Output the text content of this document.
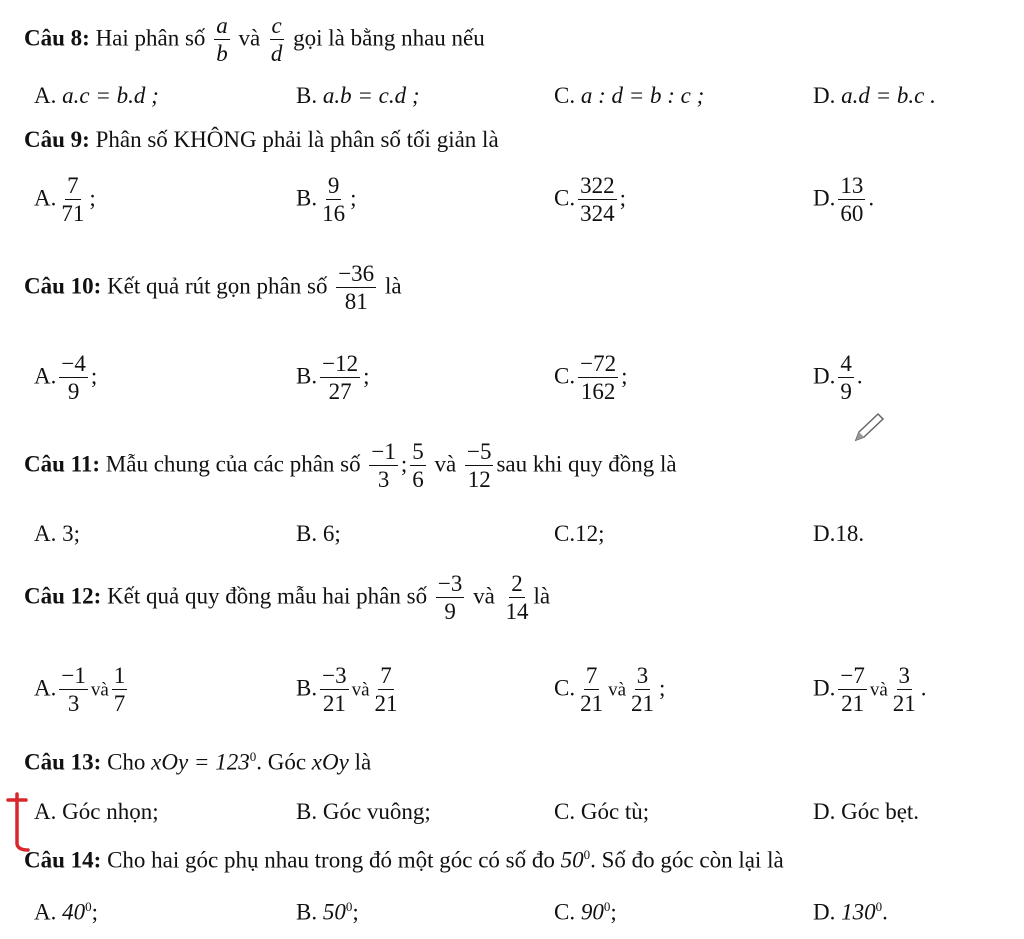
Câu 8: Hai phân số $\frac{a}{b}$ và $\frac{c}{d}$ gọi là bằng nhau nếu
A. a.c = b.d ;	B. a.b = c.d ;	C. a : d = b : c ;	D. a.d = b.c .
Câu 9: Phân số KHÔNG phải là phân số tối giản là
A. $\frac{7}{71}$ ;	B. $\frac{9}{16}$ ;	C. $\frac{322}{324}$ ;	D. $\frac{13}{60}$ .
Câu 10: Kết quả rút gọn phân số $\frac{-36}{81}$ là
A. $\frac{-4}{9}$ ;	B. $\frac{-12}{27}$ ;	C. $\frac{-72}{162}$ ;	D. $\frac{4}{9}$ .
Câu 11: Mẫu chung của các phân số $\frac{-1}{3}$ ; $\frac{5}{6}$ và $\frac{-5}{12}$ sau khi quy đồng là
A. 3;	B. 6;	C.12;	D.18.
Câu 12: Kết quả quy đồng mẫu hai phân số $\frac{-3}{9}$ và $\frac{2}{14}$ là
A. $\frac{-1}{3}$ và $\frac{1}{7}$	B. $\frac{-3}{21}$ và $\frac{7}{21}$	C. $\frac{7}{21}$ và $\frac{3}{21}$ ;	D. $\frac{-7}{21}$ và $\frac{3}{21}$ .
Câu 13: Cho xOy = $123^0$. Góc xOy là
A. Góc nhọn;	B. Góc vuông;	C. Góc tù;	D. Góc bẹt.
Câu 14: Cho hai góc phụ nhau trong đó một góc có số đo $50^0$. Số đo góc còn lại là
A. $40^0$;	B. $50^0$;	C. $90^0$;	D. $130^0$.
